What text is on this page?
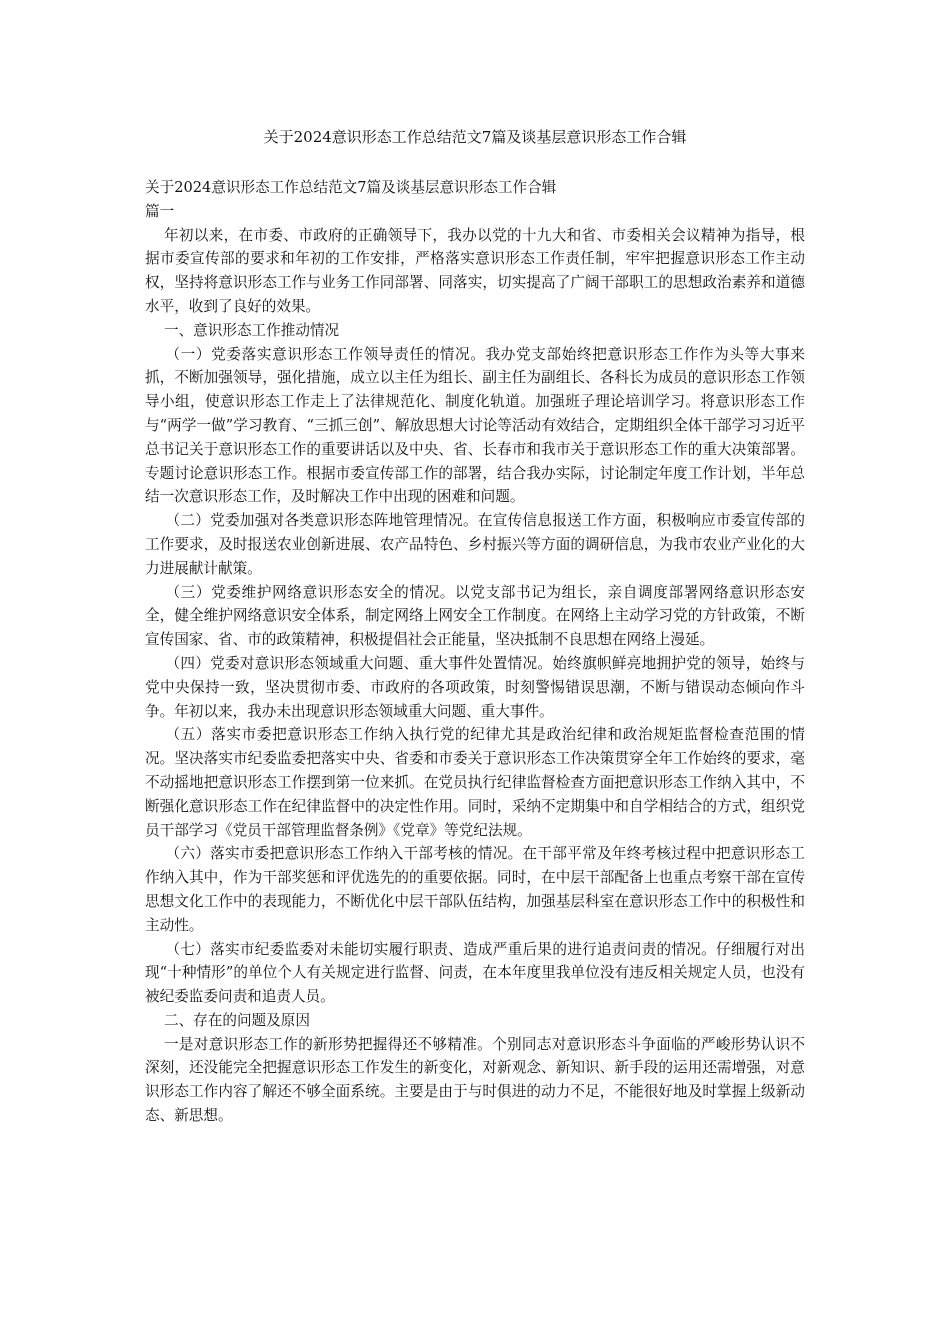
关于2024意识形态工作总结范文7篇及谈基层意识形态工作合辑

关于2024意识形态工作总结范文7篇及谈基层意识形态工作合辑

篇一

年初以来，在市委、市政府的正确领导下，我办以党的十九大和省、市委相关会议精神为指导，根据市委宣传部的要求和年初的工作安排，严格落实意识形态工作责任制，牢牢把握意识形态工作主动权，坚持将意识形态工作与业务工作同部署、同落实，切实提高了广阔干部职工的思想政治素养和道德水平，收到了良好的效果。

一、意识形态工作推动情况

（一）党委落实意识形态工作领导责任的情况。我办党支部始终把意识形态工作作为头等大事来抓，不断加强领导，强化措施，成立以主任为组长、副主任为副组长、各科长为成员的意识形态工作领导小组，使意识形态工作走上了法律规范化、制度化轨道。加强班子理论培训学习。将意识形态工作与“两学一做”学习教育、“三抓三创”、解放思想大讨论等活动有效结合，定期组织全体干部学习习近平总书记关于意识形态工作的重要讲话以及中央、省、长春市和我市关于意识形态工作的重大决策部署。专题讨论意识形态工作。根据市委宣传部工作的部署，结合我办实际，讨论制定年度工作计划，半年总结一次意识形态工作，及时解决工作中出现的困难和问题。

（二）党委加强对各类意识形态阵地管理情况。在宣传信息报送工作方面，积极响应市委宣传部的工作要求，及时报送农业创新进展、农产品特色、乡村振兴等方面的调研信息，为我市农业产业化的大力进展献计献策。

（三）党委维护网络意识形态安全的情况。以党支部书记为组长，亲自调度部署网络意识形态安全，健全维护网络意识安全体系，制定网络上网安全工作制度。在网络上主动学习党的方针政策，不断宣传国家、省、市的政策精神，积极提倡社会正能量，坚决抵制不良思想在网络上漫延。

（四）党委对意识形态领域重大问题、重大事件处置情况。始终旗帜鲜亮地拥护党的领导，始终与党中央保持一致，坚决贯彻市委、市政府的各项政策，时刻警惕错误思潮，不断与错误动态倾向作斗争。年初以来，我办未出现意识形态领域重大问题、重大事件。

（五）落实市委把意识形态工作纳入执行党的纪律尤其是政治纪律和政治规矩监督检查范围的情况。坚决落实市纪委监委把落实中央、省委和市委关于意识形态工作决策贯穿全年工作始终的要求，毫不动摇地把意识形态工作摆到第一位来抓。在党员执行纪律监督检查方面把意识形态工作纳入其中，不断强化意识形态工作在纪律监督中的决定性作用。同时，采纳不定期集中和自学相结合的方式，组织党员干部学习《党员干部管理监督条例》《党章》等党纪法规。

（六）落实市委把意识形态工作纳入干部考核的情况。在干部平常及年终考核过程中把意识形态工作纳入其中，作为干部奖惩和评优选先的的重要依据。同时，在中层干部配备上也重点考察干部在宣传思想文化工作中的表现能力，不断优化中层干部队伍结构，加强基层科室在意识形态工作中的积极性和主动性。

（七）落实市纪委监委对未能切实履行职责、造成严重后果的进行追责问责的情况。仔细履行对出现“十种情形”的单位个人有关规定进行监督、问责，在本年度里我单位没有违反相关规定人员，也没有被纪委监委问责和追责人员。

二、存在的问题及原因

一是对意识形态工作的新形势把握得还不够精准。个别同志对意识形态斗争面临的严峻形势认识不深刻，还没能完全把握意识形态工作发生的新变化，对新观念、新知识、新手段的运用还需增强，对意识形态工作内容了解还不够全面系统。主要是由于与时俱进的动力不足，不能很好地及时掌握上级新动态、新思想。
